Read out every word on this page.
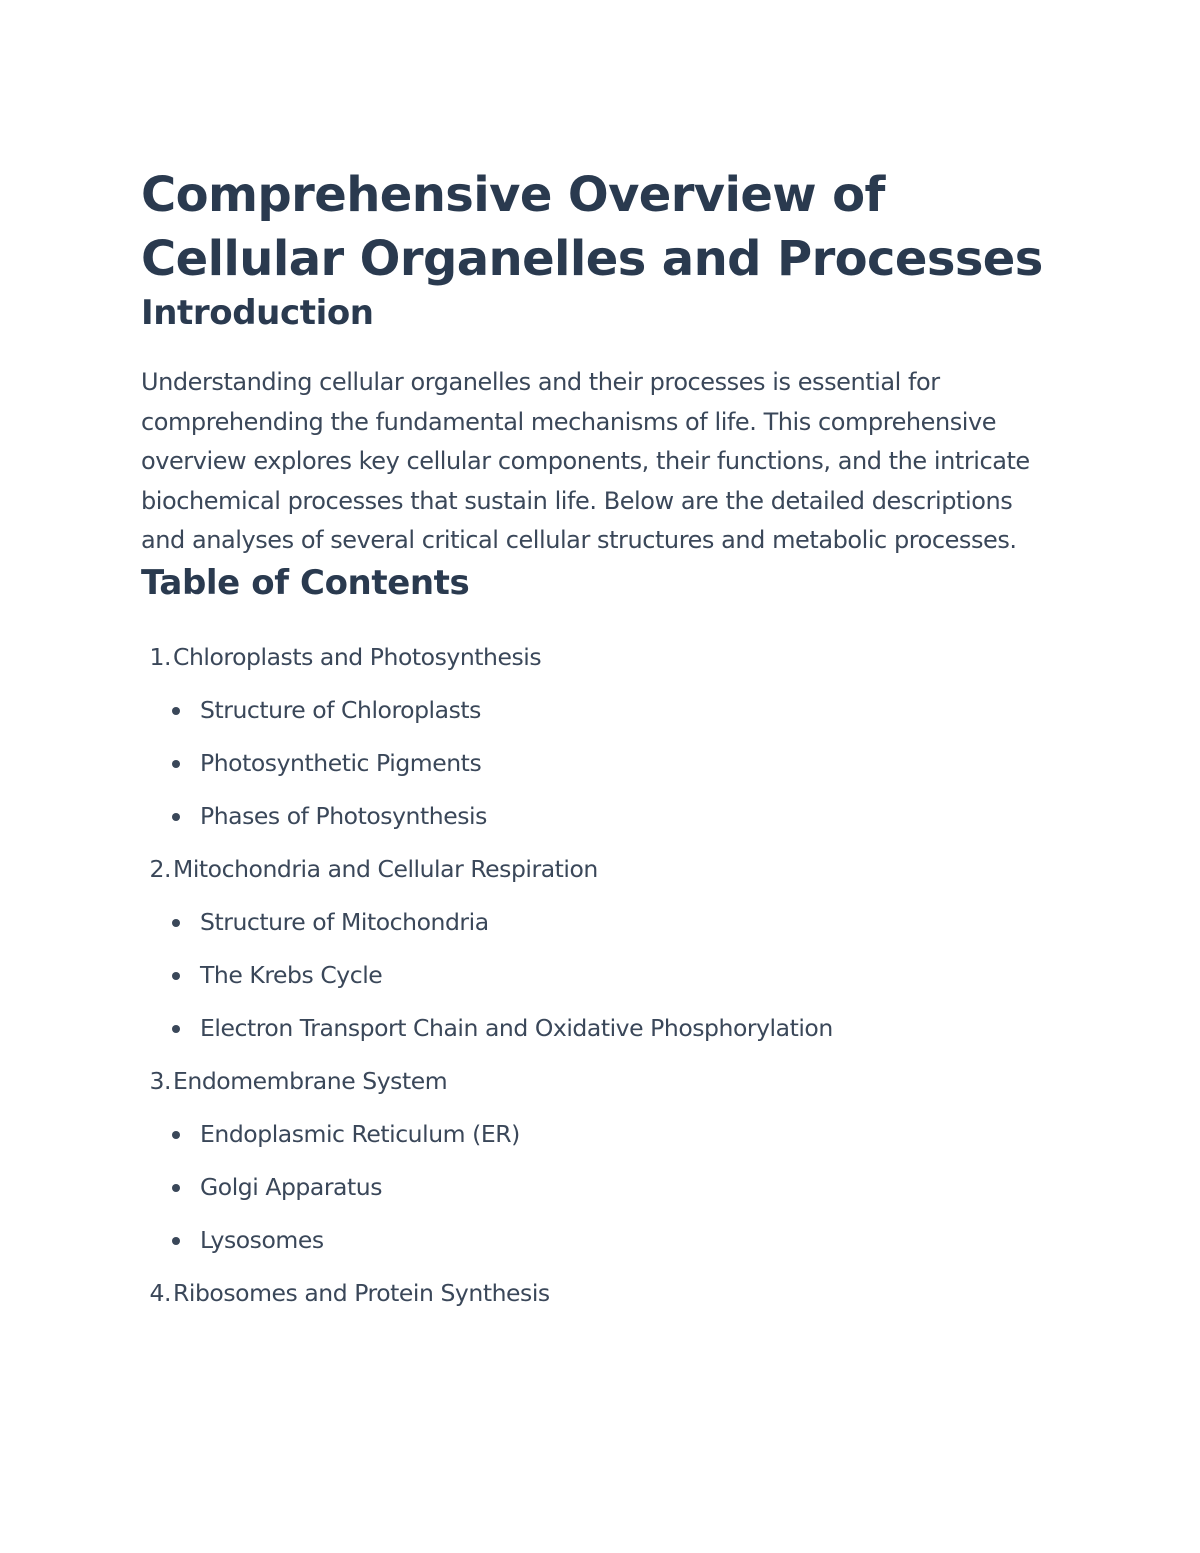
Comprehensive Overview of Cellular Organelles and Processes
Introduction

Understanding cellular organelles and their processes is essential for comprehending the fundamental mechanisms of life. This comprehensive overview explores key cellular components, their functions, and the intricate biochemical processes that sustain life. Below are the detailed descriptions and analyses of several critical cellular structures and metabolic processes.

Table of Contents
1.Chloroplasts and Photosynthesis
Structure of Chloroplasts
Photosynthetic Pigments
Phases of Photosynthesis
2.Mitochondria and Cellular Respiration
Structure of Mitochondria
The Krebs Cycle
Electron Transport Chain and Oxidative Phosphorylation
3.Endomembrane System
Endoplasmic Reticulum (ER)
Golgi Apparatus
Lysosomes
4.Ribosomes and Protein Synthesis
